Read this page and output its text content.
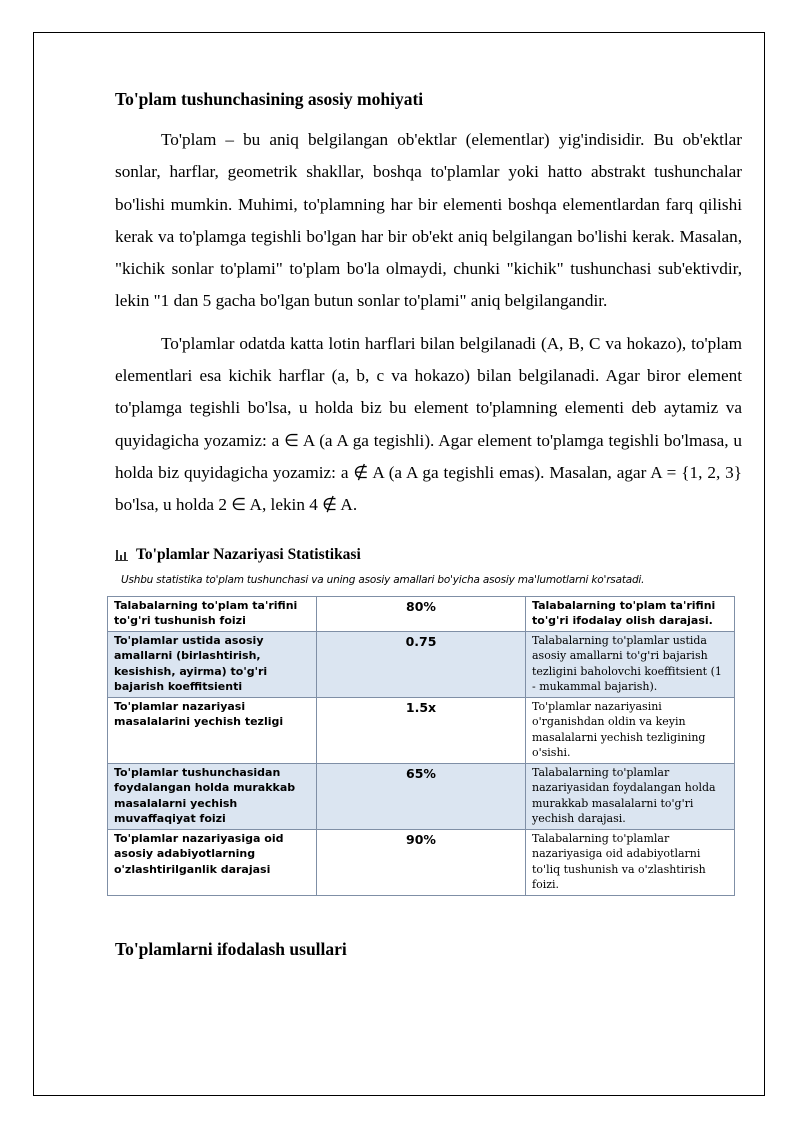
To'plam tushunchasining asosiy mohiyati

To'plam – bu aniq belgilangan ob'ektlar (elementlar) yig'indisidir. Bu ob'ektlar sonlar, harflar, geometrik shakllar, boshqa to'plamlar yoki hatto abstrakt tushunchalar bo'lishi mumkin. Muhimi, to'plamning har bir elementi boshqa elementlardan farq qilishi kerak va to'plamga tegishli bo'lgan har bir ob'ekt aniq belgilangan bo'lishi kerak. Masalan, "kichik sonlar to'plami" to'plam bo'la olmaydi, chunki "kichik" tushunchasi sub'ektivdir, lekin "1 dan 5 gacha bo'lgan butun sonlar to'plami" aniq belgilangandir.

To'plamlar odatda katta lotin harflari bilan belgilanadi (A, B, C va hokazo), to'plam elementlari esa kichik harflar (a, b, c va hokazo) bilan belgilanadi. Agar biror element to'plamga tegishli bo'lsa, u holda biz bu element to'plamning elementi deb aytamiz va quyidagicha yozamiz: a ∈ A (a A ga tegishli). Agar element to'plamga tegishli bo'lmasa, u holda biz quyidagicha yozamiz: a ∉ A (a A ga tegishli emas). Masalan, agar A = {1, 2, 3} bo'lsa, u holda 2 ∈ A, lekin 4 ∉ A.

To'plamlar Nazariyasi Statistikasi
Ushbu statistika to'plam tushunchasi va uning asosiy amallari bo'yicha asosiy ma'lumotlarni ko'rsatadi.
Talabalarning to'plam ta'rifini to'g'ri tushunish foizi	80%	Talabalarning to'plam ta'rifini to'g'ri ifodalay olish darajasi.
To'plamlar ustida asosiy amallarni (birlashtirish, kesishish, ayirma) to'g'ri bajarish koeffitsienti	0.75	Talabalarning to'plamlar ustida asosiy amallarni to'g'ri bajarish tezligini baholovchi koeffitsient (1 - mukammal bajarish).
To'plamlar nazariyasi masalalarini yechish tezligi	1.5x	To'plamlar nazariyasini o'rganishdan oldin va keyin masalalarni yechish tezligining o'sishi.
To'plamlar tushunchasidan foydalangan holda murakkab masalalarni yechish muvaffaqiyat foizi	65%	Talabalarning to'plamlar nazariyasidan foydalangan holda murakkab masalalarni to'g'ri yechish darajasi.
To'plamlar nazariyasiga oid asosiy adabiyotlarning o'zlashtirilganlik darajasi	90%	Talabalarning to'plamlar nazariyasiga oid adabiyotlarni to'liq tushunish va o'zlashtirish foizi.
To'plamlarni ifodalash usullari
